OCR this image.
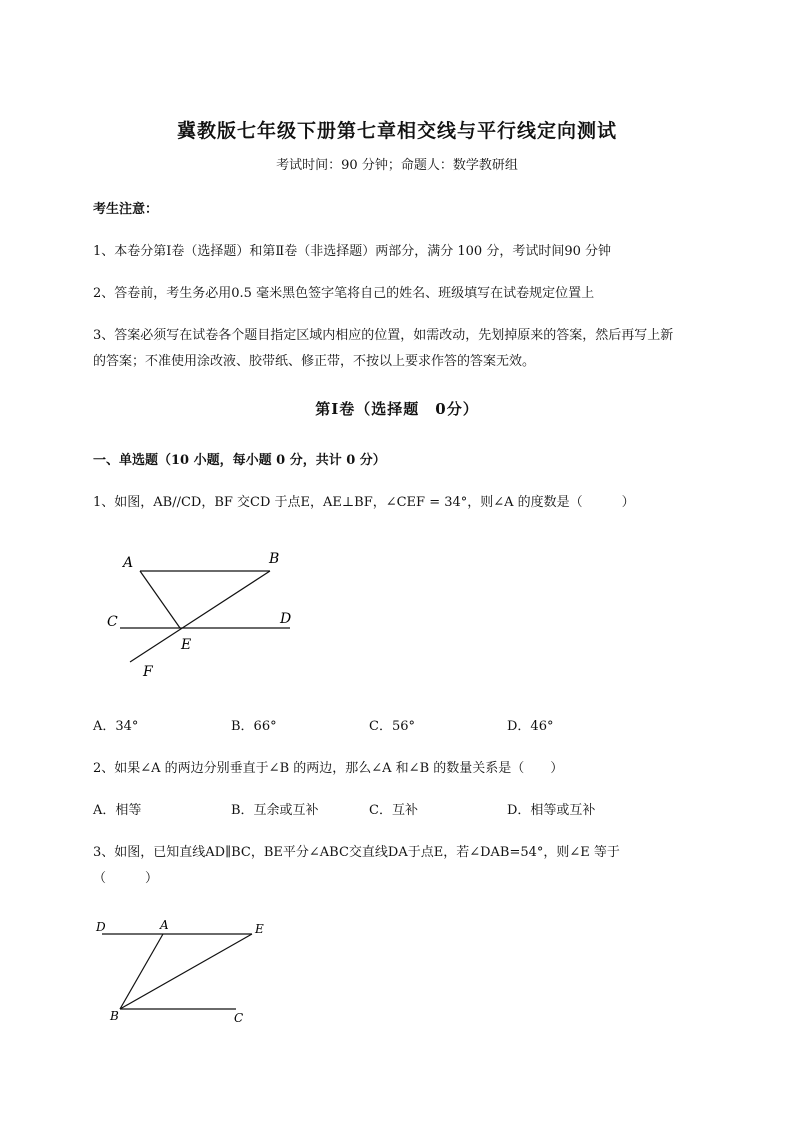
冀教版七年级下册第七章相交线与平行线定向测试
考试时间：90 分钟；命题人：数学教研组
考生注意：
1、本卷分第Ⅰ卷（选择题）和第Ⅱ卷（非选择题）两部分，满分 100 分，考试时间90 分钟
2、答卷前，考生务必用0.5 毫米黑色签字笔将自己的姓名、班级填写在试卷规定位置上
3、答案必须写在试卷各个题目指定区域内相应的位置，如需改动，先划掉原来的答案，然后再写上新
的答案；不准使用涂改液、胶带纸、修正带，不按以上要求作答的答案无效。
第Ⅰ卷（选择题　0分）
一、单选题（10 小题，每小题 0 分，共计 0 分）
1、如图，AB//CD，BF 交CD 于点E，AE⊥BF，∠CEF = 34°，则∠A 的度数是（　　　）
A	B
C	D
E
F
A．34°	B．66°	C．56°	D．46°
2、如果∠A 的两边分别垂直于∠B 的两边，那么∠A 和∠B 的数量关系是（　　）
A．相等	B．互余或互补	C．互补	D．相等或互补
3、如图，已知直线AD∥BC，BE平分∠ABC交直线DA于点E，若∠DAB=54°，则∠E 等于
（　　　）
D	A	E
B	C
